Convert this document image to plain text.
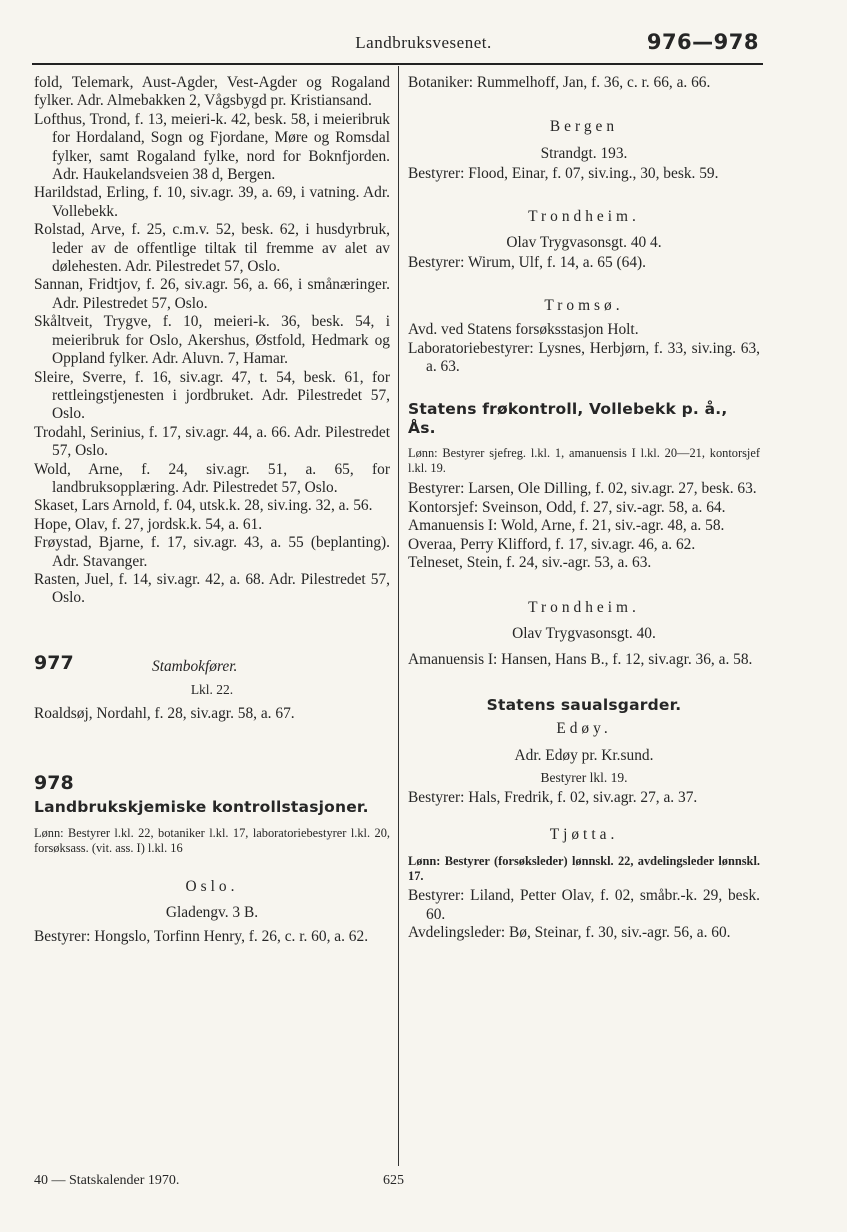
Landbruksvesenet.	976—978

fold, Telemark, Aust-Agder, Vest-Agder og Rogaland fylker. Adr. Almebakken 2, Vågsbygd pr. Kristiansand.

Lofthus, Trond, f. 13, meieri-k. 42, besk. 58, i meieribruk for Hordaland, Sogn og Fjordane, Møre og Romsdal fylker, samt Rogaland fylke, nord for Boknfjorden. Adr. Haukelandsveien 38 d, Bergen.

Harildstad, Erling, f. 10, siv.agr. 39, a. 69, i vatning. Adr. Vollebekk.

Rolstad, Arve, f. 25, c.m.v. 52, besk. 62, i husdyrbruk, leder av de offentlige tiltak til fremme av alet av dølehesten. Adr. Pilestredet 57, Oslo.

Sannan, Fridtjov, f. 26, siv.agr. 56, a. 66, i smånæringer. Adr. Pilestredet 57, Oslo.

Skåltveit, Trygve, f. 10, meieri-k. 36, besk. 54, i meieribruk for Oslo, Akershus, Østfold, Hedmark og Oppland fylker. Adr. Aluvn. 7, Hamar.

Sleire, Sverre, f. 16, siv.agr. 47, t. 54, besk. 61, for rettleingstjenesten i jordbruket. Adr. Pilestredet 57, Oslo.

Trodahl, Serinius, f. 17, siv.agr. 44, a. 66. Adr. Pilestredet 57, Oslo.

Wold, Arne, f. 24, siv.agr. 51, a. 65, for landbruksopplæring. Adr. Pilestredet 57, Oslo.

Skaset, Lars Arnold, f. 04, utsk.k. 28, siv.ing. 32, a. 56.

Hope, Olav, f. 27, jordsk.k. 54, a. 61.

Frøystad, Bjarne, f. 17, siv.agr. 43, a. 55 (beplanting). Adr. Stavanger.

Rasten, Juel, f. 14, siv.agr. 42, a. 68. Adr. Pilestredet 57, Oslo.

977	Stambokfører.

Lkl. 22.

Roaldsøj, Nordahl, f. 28, siv.agr. 58, a. 67.

978
Landbrukskjemiske kontrollstasjoner.

Lønn: Bestyrer l.kl. 22, botaniker l.kl. 17, laboratoriebestyrer l.kl. 20, forsøksass. (vit. ass. I) l.kl. 16

Oslo.

Gladengv. 3 B.

Bestyrer: Hongslo, Torfinn Henry, f. 26, c. r. 60, a. 62.

Botaniker: Rummelhoff, Jan, f. 36, c. r. 66, a. 66.

Bergen

Strandgt. 193.

Bestyrer: Flood, Einar, f. 07, siv.ing., 30, besk. 59.

Trondheim.

Olav Trygvasonsgt. 40 4.

Bestyrer: Wirum, Ulf, f. 14, a. 65 (64).

Tromsø.

Avd. ved Statens forsøksstasjon Holt.

Laboratoriebestyrer: Lysnes, Herbjørn, f. 33, siv.ing. 63, a. 63.

Statens frøkontroll, Vollebekk p. å., Ås.

Lønn: Bestyrer sjefreg. l.kl. 1, amanuensis I l.kl. 20—21, kontorsjef l.kl. 19.

Bestyrer: Larsen, Ole Dilling, f. 02, siv.agr. 27, besk. 63.

Kontorsjef: Sveinson, Odd, f. 27, siv.-agr. 58, a. 64.

Amanuensis I: Wold, Arne, f. 21, siv.-agr. 48, a. 58.

Overaa, Perry Klifford, f. 17, siv.agr. 46, a. 62.

Telneset, Stein, f. 24, siv.-agr. 53, a. 63.

Trondheim.

Olav Trygvasonsgt. 40.

Amanuensis I: Hansen, Hans B., f. 12, siv.agr. 36, a. 58.

Statens saualsgarder.

Edøy.

Adr. Edøy pr. Kr.sund.

Bestyrer lkl. 19.

Bestyrer: Hals, Fredrik, f. 02, siv.agr. 27, a. 37.

Tjøtta.

Lønn: Bestyrer (forsøksleder) lønnskl. 22, avdelingsleder lønnskl. 17.

Bestyrer: Liland, Petter Olav, f. 02, småbr.-k. 29, besk. 60.

Avdelingsleder: Bø, Steinar, f. 30, siv.-agr. 56, a. 60.

40 — Statskalender 1970.	625
